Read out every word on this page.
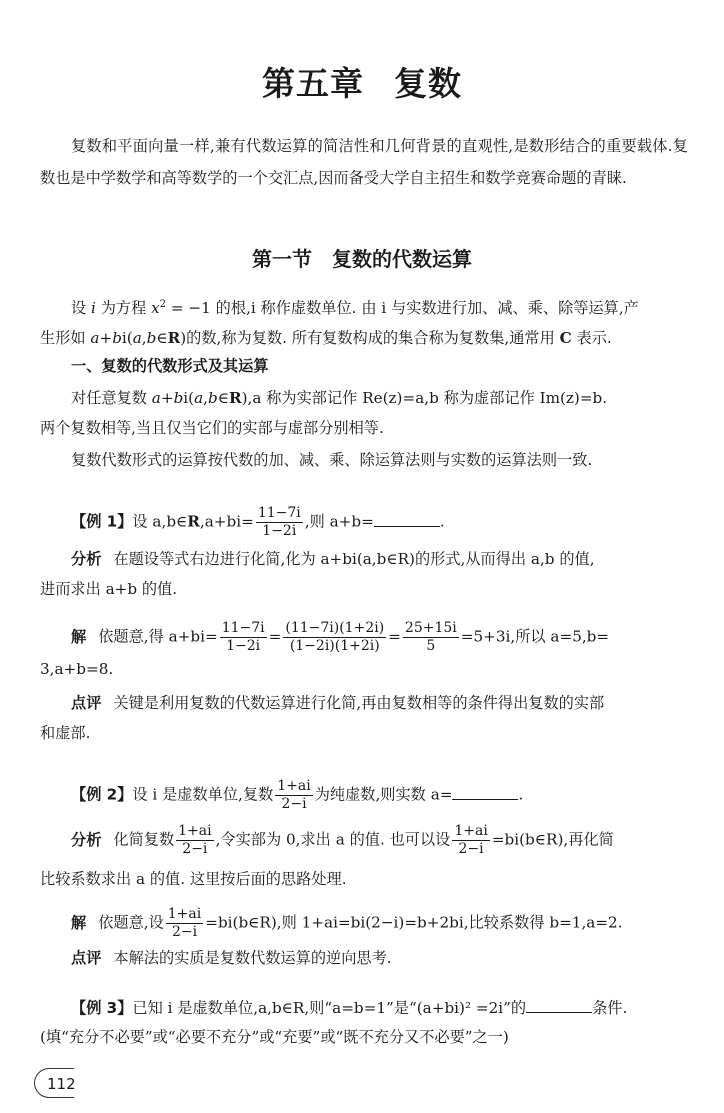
第五章 复数
复数和平面向量一样,兼有代数运算的简洁性和几何背景的直观性,是数形结合的重要载体.复数也是中学数学和高等数学的一个交汇点,因而备受大学自主招生和数学竞赛命题的青睐.
第一节 复数的代数运算
设 i 为方程 $x^2 = -1$ 的根,i 称作虚数单位. 由 i 与实数进行加、减、乘、除等运算,产
生形如 a+bi(a,b∈R)的数,称为复数. 所有复数构成的集合称为复数集,通常用 C 表示.
一、复数的代数形式及其运算
对任意复数 a+bi(a,b∈R),a 称为实部记作 Re(z)=a,b 称为虚部记作 Im(z)=b.
两个复数相等,当且仅当它们的实部与虚部分别相等.
复数代数形式的运算按代数的加、减、乘、除运算法则与实数的运算法则一致.
【例 1】设 a,b∈R,a+bi= $\frac{11-7i}{1-2i}$ ,则 a+b=	.
分析 在题设等式右边进行化简,化为 a+bi(a,b∈R)的形式,从而得出 a,b 的值,
进而求出 a+b 的值.
解 依题意,得 $a+bi= \frac{11-7i}{1-2i} = \frac{(11-7i)(1+2i)}{(1-2i)(1+2i)} = \frac{25+15i}{5} =5+3i$,所以 a=5,b=
3,a+b=8.
点评 关键是利用复数的代数运算进行化简,再由复数相等的条件得出复数的实部
和虚部.
【例 2】设 i 是虚数单位,复数 $\frac{1+ai}{2-i}$ 为纯虚数,则实数 a=	.
分析 化简复数 $\frac{1+ai}{2-i}$ ,令实部为 0,求出 a 的值. 也可以设 $\frac{1+ai}{2-i}$ =bi(b∈R),再化简
比较系数求出 a 的值. 这里按后面的思路处理.
解 依题意,设 $\frac{1+ai}{2-i}$ =bi(b∈R),则 1+ai=bi(2−i)=b+2bi,比较系数得 b=1,a=2.
点评 本解法的实质是复数代数运算的逆向思考.
【例 3】已知 i 是虚数单位,a,b∈R,则“a=b=1”是“(a+bi)² =2i”的	条件.
(填“充分不必要”或“必要不充分”或“充要”或“既不充分又不必要”之一)
112
